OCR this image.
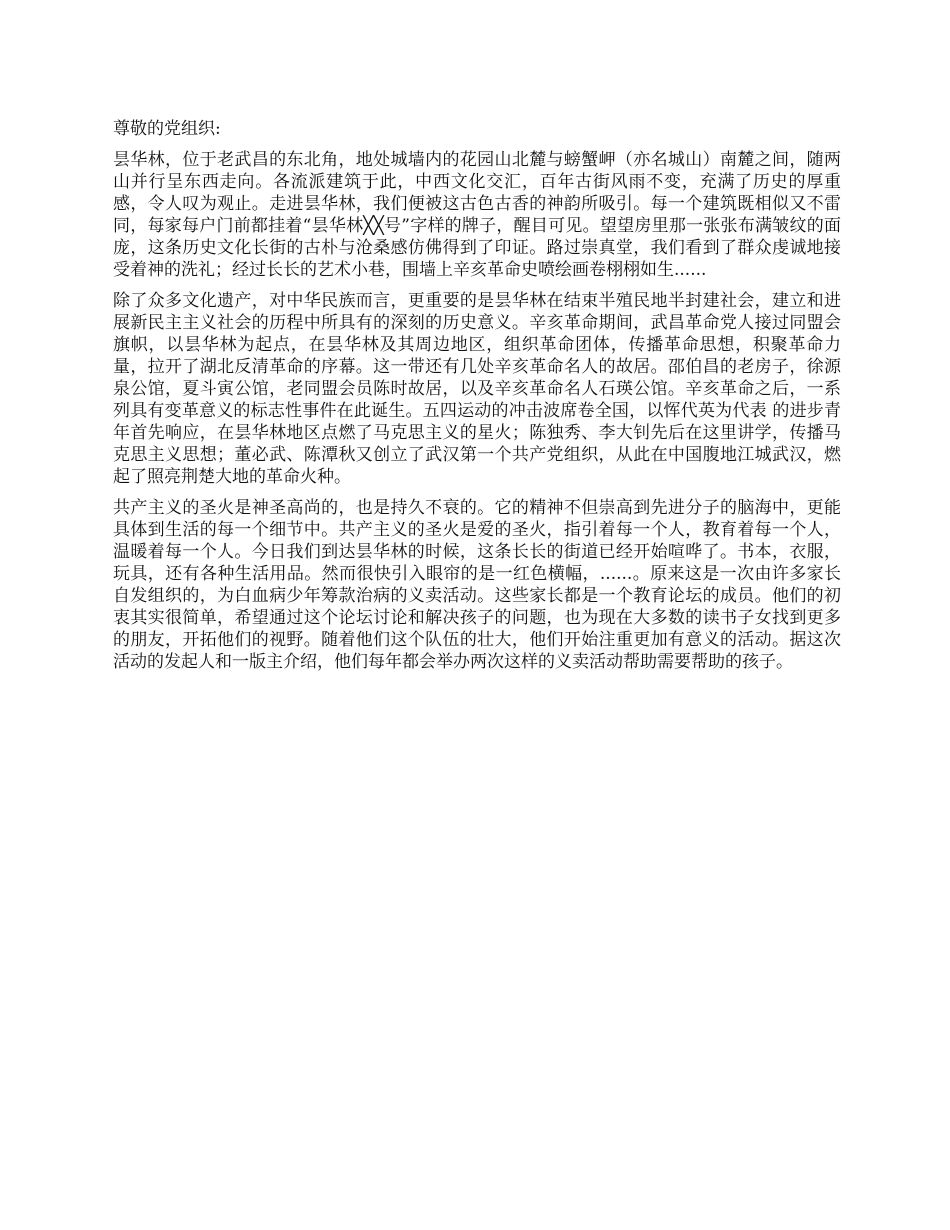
尊敬的党组织:

昙华林，位于老武昌的东北角，地处城墙内的花园山北麓与螃蟹岬（亦名城山）南麓之间，随两山并行呈东西走向。各流派建筑于此，中西文化交汇，百年古街风雨不变，充满了历史的厚重感，令人叹为观止。走进昙华林，我们便被这古色古香的神韵所吸引。每一个建筑既相似又不雷同，每家每户门前都挂着“昙华林╳╳号”字样的牌子，醒目可见。望望房里那一张张布满皱纹的面庞，这条历史文化长街的古朴与沧桑感仿佛得到了印证。路过崇真堂，我们看到了群众虔诚地接受着神的洗礼；经过长长的艺术小巷，围墙上辛亥革命史喷绘画卷栩栩如生......

除了众多文化遗产，对中华民族而言，更重要的是昙华林在结束半殖民地半封建社会，建立和进展新民主主义社会的历程中所具有的深刻的历史意义。辛亥革命期间，武昌革命党人接过同盟会旗帜，以昙华林为起点，在昙华林及其周边地区，组织革命团体，传播革命思想，积聚革命力量，拉开了湖北反清革命的序幕。这一带还有几处辛亥革命名人的故居。邵伯昌的老房子，徐源泉公馆，夏斗寅公馆，老同盟会员陈时故居，以及辛亥革命名人石瑛公馆。辛亥革命之后，一系列具有变革意义的标志性事件在此诞生。五四运动的冲击波席卷全国，以恽代英为代表 的进步青年首先响应，在昙华林地区点燃了马克思主义的星火；陈独秀、李大钊先后在这里讲学，传播马克思主义思想；董必武、陈潭秋又创立了武汉第一个共产党组织，从此在中国腹地江城武汉，燃起了照亮荆楚大地的革命火种。

共产主义的圣火是神圣高尚的，也是持久不衰的。它的精神不但崇高到先进分子的脑海中，更能具体到生活的每一个细节中。共产主义的圣火是爱的圣火，指引着每一个人，教育着每一个人，温暖着每一个人。今日我们到达昙华林的时候，这条长长的街道已经开始喧哗了。书本，衣服，玩具，还有各种生活用品。然而很快引入眼帘的是一红色横幅，......。原来这是一次由许多家长自发组织的，为白血病少年筹款治病的义卖活动。这些家长都是一个教育论坛的成员。他们的初衷其实很简单，希望通过这个论坛讨论和解决孩子的问题，也为现在大多数的读书子女找到更多的朋友，开拓他们的视野。随着他们这个队伍的壮大，他们开始注重更加有意义的活动。据这次活动的发起人和一版主介绍，他们每年都会举办两次这样的义卖活动帮助需要帮助的孩子。
